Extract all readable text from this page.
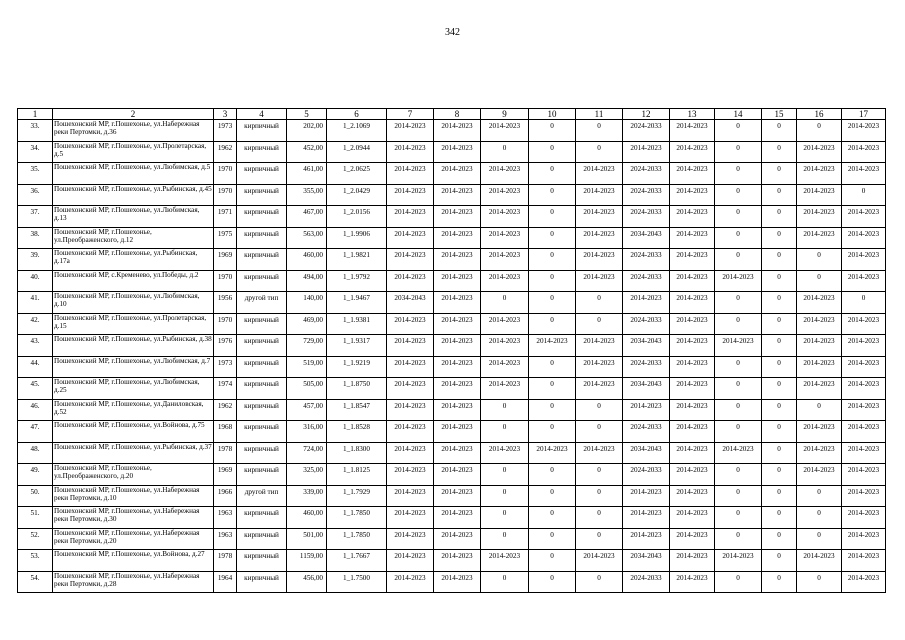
342
1	2	3	4	5	6	7	8	9	10	11	12	13	14	15	16	17
33.	Пошехонский МР, г.Пошехонье, ул.Набережная реки Пертомки, д.36	1973	кирпичный	202,00	1_2.1069	2014-2023	2014-2023	2014-2023	0	0	2024-2033	2014-2023	0	0	0	2014-2023
34.	Пошехонский МР, г.Пошехонье, ул.Пролетарская, д.5	1962	кирпичный	452,00	1_2.0944	2014-2023	2014-2023	0	0	0	2014-2023	2014-2023	0	0	2014-2023	2014-2023
35.	Пошехонский МР, г.Пошехонье, ул.Любимская, д.5	1970	кирпичный	461,00	1_2.0625	2014-2023	2014-2023	2014-2023	0	2014-2023	2024-2033	2014-2023	0	0	2014-2023	2014-2023
36.	Пошехонский МР, г.Пошехонье, ул.Рыбинская, д.45	1970	кирпичный	355,00	1_2.0429	2014-2023	2014-2023	2014-2023	0	2014-2023	2024-2033	2014-2023	0	0	2014-2023	0
37.	Пошехонский МР, г.Пошехонье, ул.Любимская, д.13	1971	кирпичный	467,00	1_2.0156	2014-2023	2014-2023	2014-2023	0	2014-2023	2024-2033	2014-2023	0	0	2014-2023	2014-2023
38.	Пошехонский МР, г.Пошехонье, ул.Преображенского, д.12	1975	кирпичный	563,00	1_1.9906	2014-2023	2014-2023	2014-2023	0	2014-2023	2034-2043	2014-2023	0	0	2014-2023	2014-2023
39.	Пошехонский МР, г.Пошехонье, ул.Рыбинская, д.17а	1969	кирпичный	460,00	1_1.9821	2014-2023	2014-2023	2014-2023	0	2014-2023	2024-2033	2014-2023	0	0	0	2014-2023
40.	Пошехонский МР, с.Кременево, ул.Победы, д.2	1970	кирпичный	494,00	1_1.9792	2014-2023	2014-2023	2014-2023	0	2014-2023	2024-2033	2014-2023	2014-2023	0	0	2014-2023
41.	Пошехонский МР, г.Пошехонье, ул.Любимская, д.10	1956	другой тип	140,00	1_1.9467	2034-2043	2014-2023	0	0	0	2014-2023	2014-2023	0	0	2014-2023	0
42.	Пошехонский МР, г.Пошехонье, ул.Пролетарская, д.15	1970	кирпичный	469,00	1_1.9381	2014-2023	2014-2023	2014-2023	0	0	2024-2033	2014-2023	0	0	2014-2023	2014-2023
43.	Пошехонский МР, г.Пошехонье, ул.Рыбинская, д.38	1976	кирпичный	729,00	1_1.9317	2014-2023	2014-2023	2014-2023	2014-2023	2014-2023	2034-2043	2014-2023	2014-2023	0	2014-2023	2014-2023
44.	Пошехонский МР, г.Пошехонье, ул.Любимская, д.7	1973	кирпичный	519,00	1_1.9219	2014-2023	2014-2023	2014-2023	0	2014-2023	2024-2033	2014-2023	0	0	2014-2023	2014-2023
45.	Пошехонский МР, г.Пошехонье, ул.Любимская, д.25	1974	кирпичный	505,00	1_1.8750	2014-2023	2014-2023	2014-2023	0	2014-2023	2034-2043	2014-2023	0	0	2014-2023	2014-2023
46.	Пошехонский МР, г.Пошехонье, ул.Даниловская, д.52	1962	кирпичный	457,00	1_1.8547	2014-2023	2014-2023	0	0	0	2014-2023	2014-2023	0	0	0	2014-2023
47.	Пошехонский МР, г.Пошехонье, ул.Войнова, д.75	1968	кирпичный	316,00	1_1.8528	2014-2023	2014-2023	0	0	0	2024-2033	2014-2023	0	0	2014-2023	2014-2023
48.	Пошехонский МР, г.Пошехонье, ул.Рыбинская, д.37	1978	кирпичный	724,00	1_1.8300	2014-2023	2014-2023	2014-2023	2014-2023	2014-2023	2034-2043	2014-2023	2014-2023	0	2014-2023	2014-2023
49.	Пошехонский МР, г.Пошехонье, ул.Преображенского, д.20	1969	кирпичный	325,00	1_1.8125	2014-2023	2014-2023	0	0	0	2024-2033	2014-2023	0	0	2014-2023	2014-2023
50.	Пошехонский МР, г.Пошехонье, ул.Набережная реки Пертомки, д.10	1966	другой тип	339,00	1_1.7929	2014-2023	2014-2023	0	0	0	2014-2023	2014-2023	0	0	0	2014-2023
51.	Пошехонский МР, г.Пошехонье, ул.Набережная реки Пертомки, д.30	1963	кирпичный	460,00	1_1.7850	2014-2023	2014-2023	0	0	0	2014-2023	2014-2023	0	0	0	2014-2023
52.	Пошехонский МР, г.Пошехонье, ул.Набережная реки Пертомки, д.20	1963	кирпичный	501,00	1_1.7850	2014-2023	2014-2023	0	0	0	2014-2023	2014-2023	0	0	0	2014-2023
53.	Пошехонский МР, г.Пошехонье, ул.Войнова, д.27	1978	кирпичный	1159,00	1_1.7667	2014-2023	2014-2023	2014-2023	0	2014-2023	2034-2043	2014-2023	2014-2023	0	2014-2023	2014-2023
54.	Пошехонский МР, г.Пошехонье, ул.Набережная реки Пертомки, д.28	1964	кирпичный	456,00	1_1.7500	2014-2023	2014-2023	0	0	0	2024-2033	2014-2023	0	0	0	2014-2023
